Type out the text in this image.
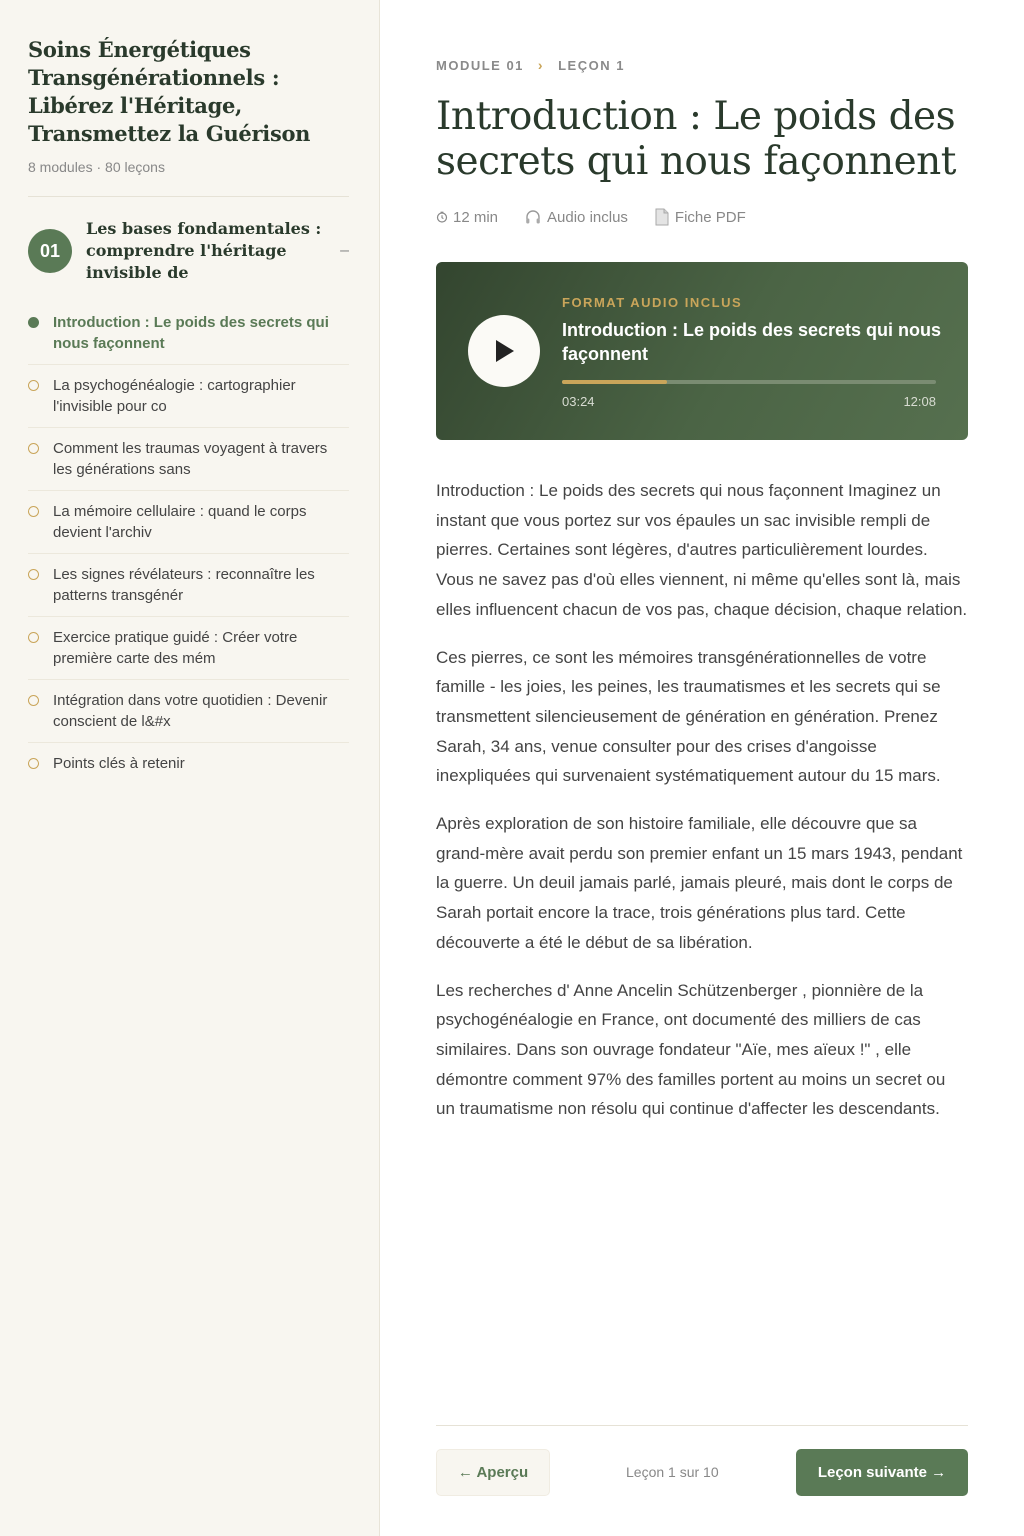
Soins Énergétiques Transgénérationnels : Libérez l'Héritage, Transmettez la Guérison
8 modules · 80 leçons
01
Les bases fondamentales : comprendre l'héritage invisible de
–
Introduction : Le poids des secrets qui nous façonnent
La psychogénéalogie : cartographier l'invisible pour co
Comment les traumas voyagent à travers les générations sans
La mémoire cellulaire : quand le corps devient l'archiv
Les signes révélateurs : reconnaître les patterns transgénér
Exercice pratique guidé : Créer votre première carte des mém
Intégration dans votre quotidien : Devenir conscient de l&#x
Points clés à retenir
MODULE 01 › LEÇON 1
Introduction : Le poids des secrets qui nous façonnent
12 min	Audio inclus	Fiche PDF
FORMAT AUDIO INCLUS
Introduction : Le poids des secrets qui nous façonnent
03:24	12:08

Introduction : Le poids des secrets qui nous façonnent Imaginez un instant que vous portez sur vos épaules un sac invisible rempli de pierres. Certaines sont légères, d'autres particulièrement lourdes. Vous ne savez pas d'où elles viennent, ni même qu'elles sont là, mais elles influencent chacun de vos pas, chaque décision, chaque relation.

Ces pierres, ce sont les mémoires transgénérationnelles de votre famille - les joies, les peines, les traumatismes et les secrets qui se transmettent silencieusement de génération en génération. Prenez Sarah, 34 ans, venue consulter pour des crises d'angoisse inexpliquées qui survenaient systématiquement autour du 15 mars.

Après exploration de son histoire familiale, elle découvre que sa grand-mère avait perdu son premier enfant un 15 mars 1943, pendant la guerre. Un deuil jamais parlé, jamais pleuré, mais dont le corps de Sarah portait encore la trace, trois générations plus tard. Cette découverte a été le début de sa libération.

Les recherches d' Anne Ancelin Schützenberger , pionnière de la psychogénéalogie en France, ont documenté des milliers de cas similaires. Dans son ouvrage fondateur "Aïe, mes aïeux !" , elle démontre comment 97% des familles portent au moins un secret ou un traumatisme non résolu qui continue d'affecter les descendants.

← Aperçu	Leçon 1 sur 10	Leçon suivante →
